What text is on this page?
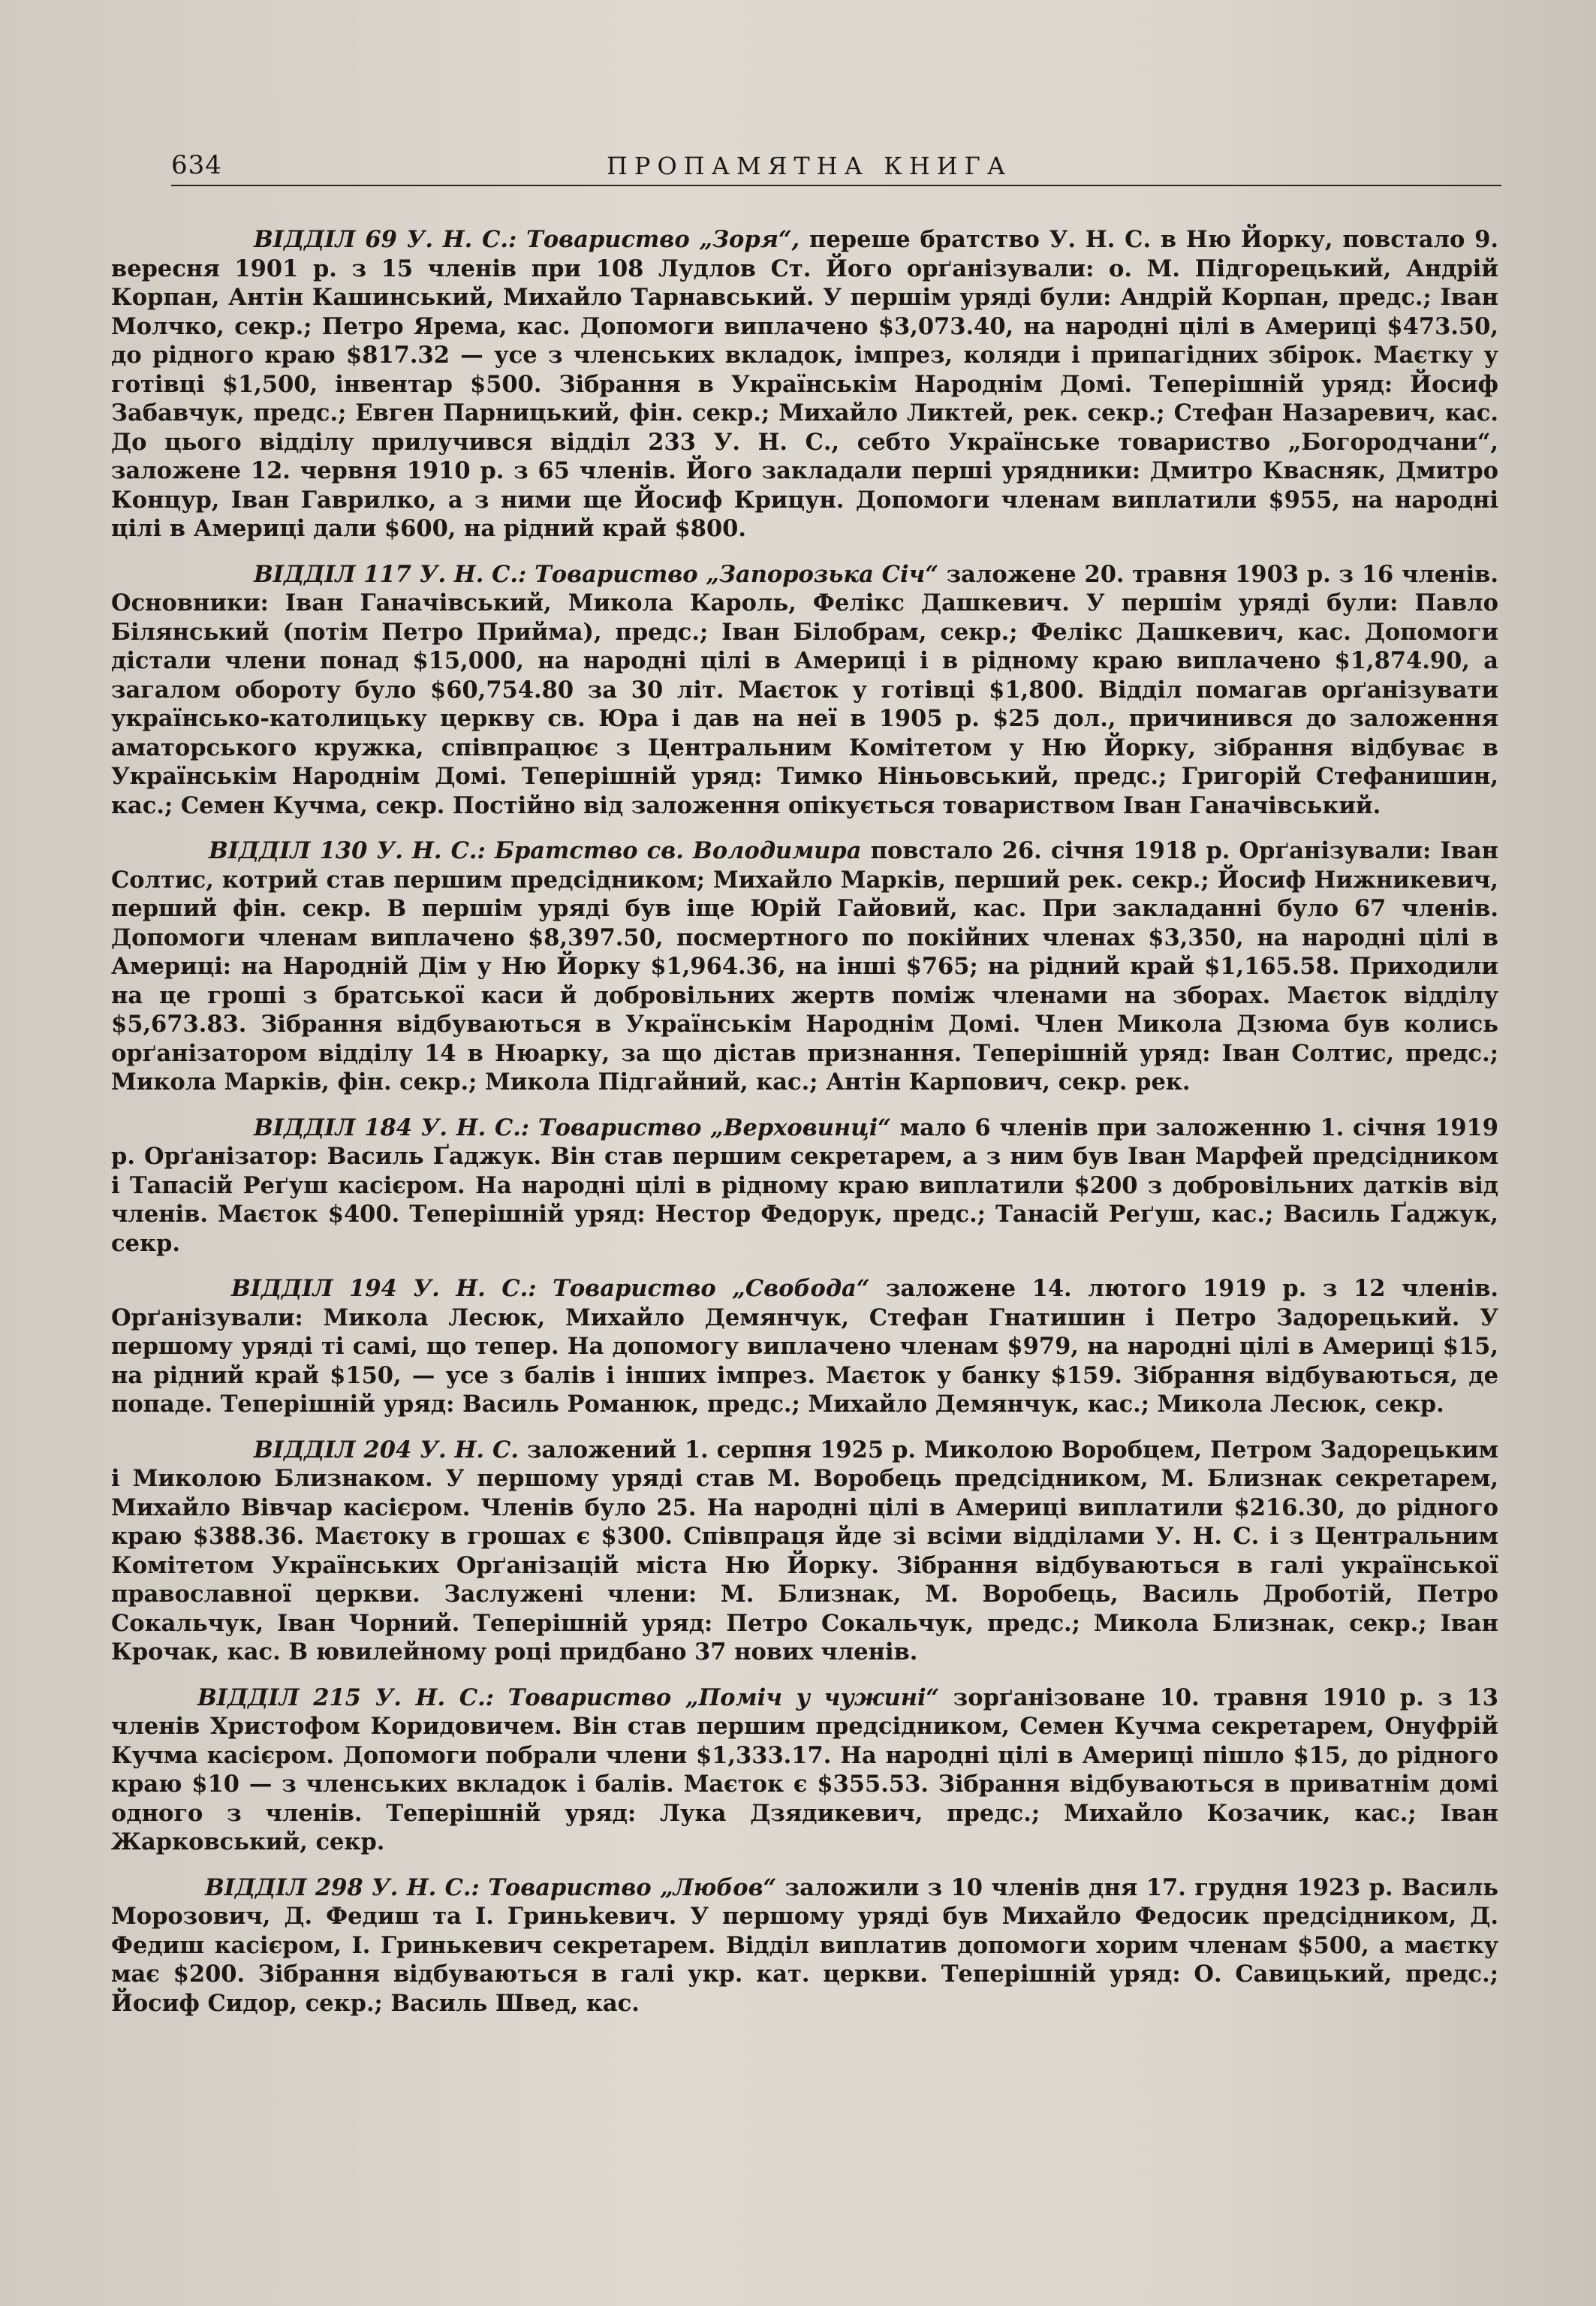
634	ПРОПАМЯТНА КНИГА

ВІДДІЛ 69 У. Н. С.: Товариство „Зоря“, переше братство У. Н. С. в Ню Йорку, повстало 9. вересня 1901 р. з 15 членів при 108 Лудлов Ст. Його орґанізували: о. М. Підгорецький, Андрій Корпан, Антін Кашинський, Михайло Тарнавський. У першім уряді були: Андрій Корпан, предс.; Іван Молчко, секр.; Петро Ярема, кас. Допомоги виплачено $3,073.40, на народні цілі в Америці $473.50, до рідного краю $817.32 — усе з членських вкладок, імпрез, коляди і припагідних збірок. Маєтку у готівці $1,500, інвентар $500. Зібрання в Українськім Народнім Домі. Теперішній уряд: Йосиф Забавчук, предс.; Евген Парницький, фін. секр.; Михайло Ликтей, рек. секр.; Стефан Назаревич, кас. До цього відділу прилучився відділ 233 У. Н. С., себто Українське товариство „Богородчани“, заложене 12. червня 1910 р. з 65 членів. Його закладали перші урядники: Дмитро Квасняк, Дмитро Концур, Іван Гаврилко, а з ними ще Йосиф Крицун. Допомоги членам виплатили $955, на народні цілі в Америці дали $600, на рідний край $800.

ВІДДІЛ 117 У. Н. С.: Товариство „Запорозька Січ“ заложене 20. травня 1903 р. з 16 членів. Основники: Іван Ганачівський, Микола Кароль, Фелікс Дашкевич. У першім уряді були: Павло Білянський (потім Петро Прийма), предс.; Іван Білобрам, секр.; Фелікс Дашкевич, кас. Допомоги дістали члени понад $15,000, на народні цілі в Америці і в рідному краю виплачено $1,874.90, а загалом обороту було $60,754.80 за 30 літ. Маєток у готівці $1,800. Відділ помагав орґанізувати українсько-католицьку церкву св. Юра і дав на неї в 1905 р. $25 дол., причинився до заложення аматорського кружка, співпрацює з Центральним Комітетом у Ню Йорку, зібрання відбуває в Українськім Народнім Домі. Теперішній уряд: Тимко Ніньовський, предс.; Григорій Стефанишин, кас.; Семен Кучма, секр. Постійно від заложення опікується товариством Іван Ганачівський.

ВІДДІЛ 130 У. Н. С.: Братство св. Володимира повстало 26. січня 1918 р. Орґанізували: Іван Солтис, котрий став першим предсідником; Михайло Марків, перший рек. секр.; Йосиф Нижникевич, перший фін. секр. В першім уряді був іще Юрій Гайовий, кас. При закладанні було 67 членів. Допомоги членам виплачено $8,397.50, посмертного по покійних членах $3,350, на народні цілі в Америці: на Народній Дім у Ню Йорку $1,964.36, на інші $765; на рідний край $1,165.58. Приходили на це гроші з братської каси й добровільних жертв поміж членами на зборах. Маєток відділу $5,673.83. Зібрання відбуваються в Українськім Народнім Домі. Член Микола Дзюма був колись орґанізатором відділу 14 в Нюарку, за що дістав признання. Теперішній уряд: Іван Солтис, предс.; Микола Марків, фін. секр.; Микола Підгайний, кас.; Антін Карпович, секр. рек.

ВІДДІЛ 184 У. Н. С.: Товариство „Верховинці“ мало 6 членів при заложенню 1. січня 1919 р. Орґанізатор: Василь Ґаджук. Він став першим секретарем, а з ним був Іван Марфей предсідником і Тапасій Реґуш касієром. На народні цілі в рідному краю виплатили $200 з добровільних датків від членів. Маєток $400. Теперішній уряд: Нестор Федорук, предс.; Танасій Реґуш, кас.; Василь Ґаджук, секр.

ВІДДІЛ 194 У. Н. С.: Товариство „Свобода“ заложене 14. лютого 1919 р. з 12 членів. Орґанізували: Микола Лесюк, Михайло Демянчук, Стефан Гнатишин і Петро Задорецький. У першому уряді ті самі, що тепер. На допомогу виплачено членам $979, на народні цілі в Америці $15, на рідний край $150, — усе з балів і інших імпрез. Маєток у банку $159. Зібрання відбуваються, де попаде. Теперішній уряд: Василь Романюк, предс.; Михайло Демянчук, кас.; Микола Лесюк, секр.

ВІДДІЛ 204 У. Н. С. заложений 1. серпня 1925 р. Миколою Воробцем, Петром Задорецьким і Миколою Близнаком. У першому уряді став М. Воробець предсідником, М. Близнак секретарем, Михайло Вівчар касієром. Членів було 25. На народні цілі в Америці виплатили $216.30, до рідного краю $388.36. Маєтоку в грошах є $300. Співпраця йде зі всіми відділами У. Н. С. і з Центральним Комітетом Українських Орґанізацій міста Ню Йорку. Зібрання відбуваються в галі української православної церкви. Заслужені члени: М. Близнак, М. Воробець, Василь Дроботій, Петро Сокальчук, Іван Чорний. Теперішній уряд: Петро Сокальчук, предс.; Микола Близнак, секр.; Іван Крочак, кас. В ювилейному році придбано 37 нових членів.

ВІДДІЛ 215 У. Н. С.: Товариство „Поміч у чужині“ зорґанізоване 10. травня 1910 р. з 13 членів Христофом Коридовичем. Він став першим предсідником, Семен Кучма секретарем, Онуфрій Кучма касієром. Допомоги побрали члени $1,333.17. На народні цілі в Америці пішло $15, до рідного краю $10 — з членських вкладок і балів. Маєток є $355.53. Зібрання відбуваються в приватнім домі одного з членів. Теперішній уряд: Лука Дзядикевич, предс.; Михайло Козачик, кас.; Іван Жарковський, секр.

ВІДДІЛ 298 У. Н. С.: Товариство „Любов“ заложили з 10 членів дня 17. грудня 1923 р. Василь Морозович, Д. Федиш та І. Гриньkевич. У першому уряді був Михайло Федосик предсідником, Д. Федиш касієром, І. Гринькевич секретарем. Відділ виплатив допомоги хорим членам $500, а маєтку має $200. Зібрання відбуваються в галі укр. кат. церкви. Теперішній уряд: О. Савицький, предс.; Йосиф Сидор, секр.; Василь Швед, кас.
